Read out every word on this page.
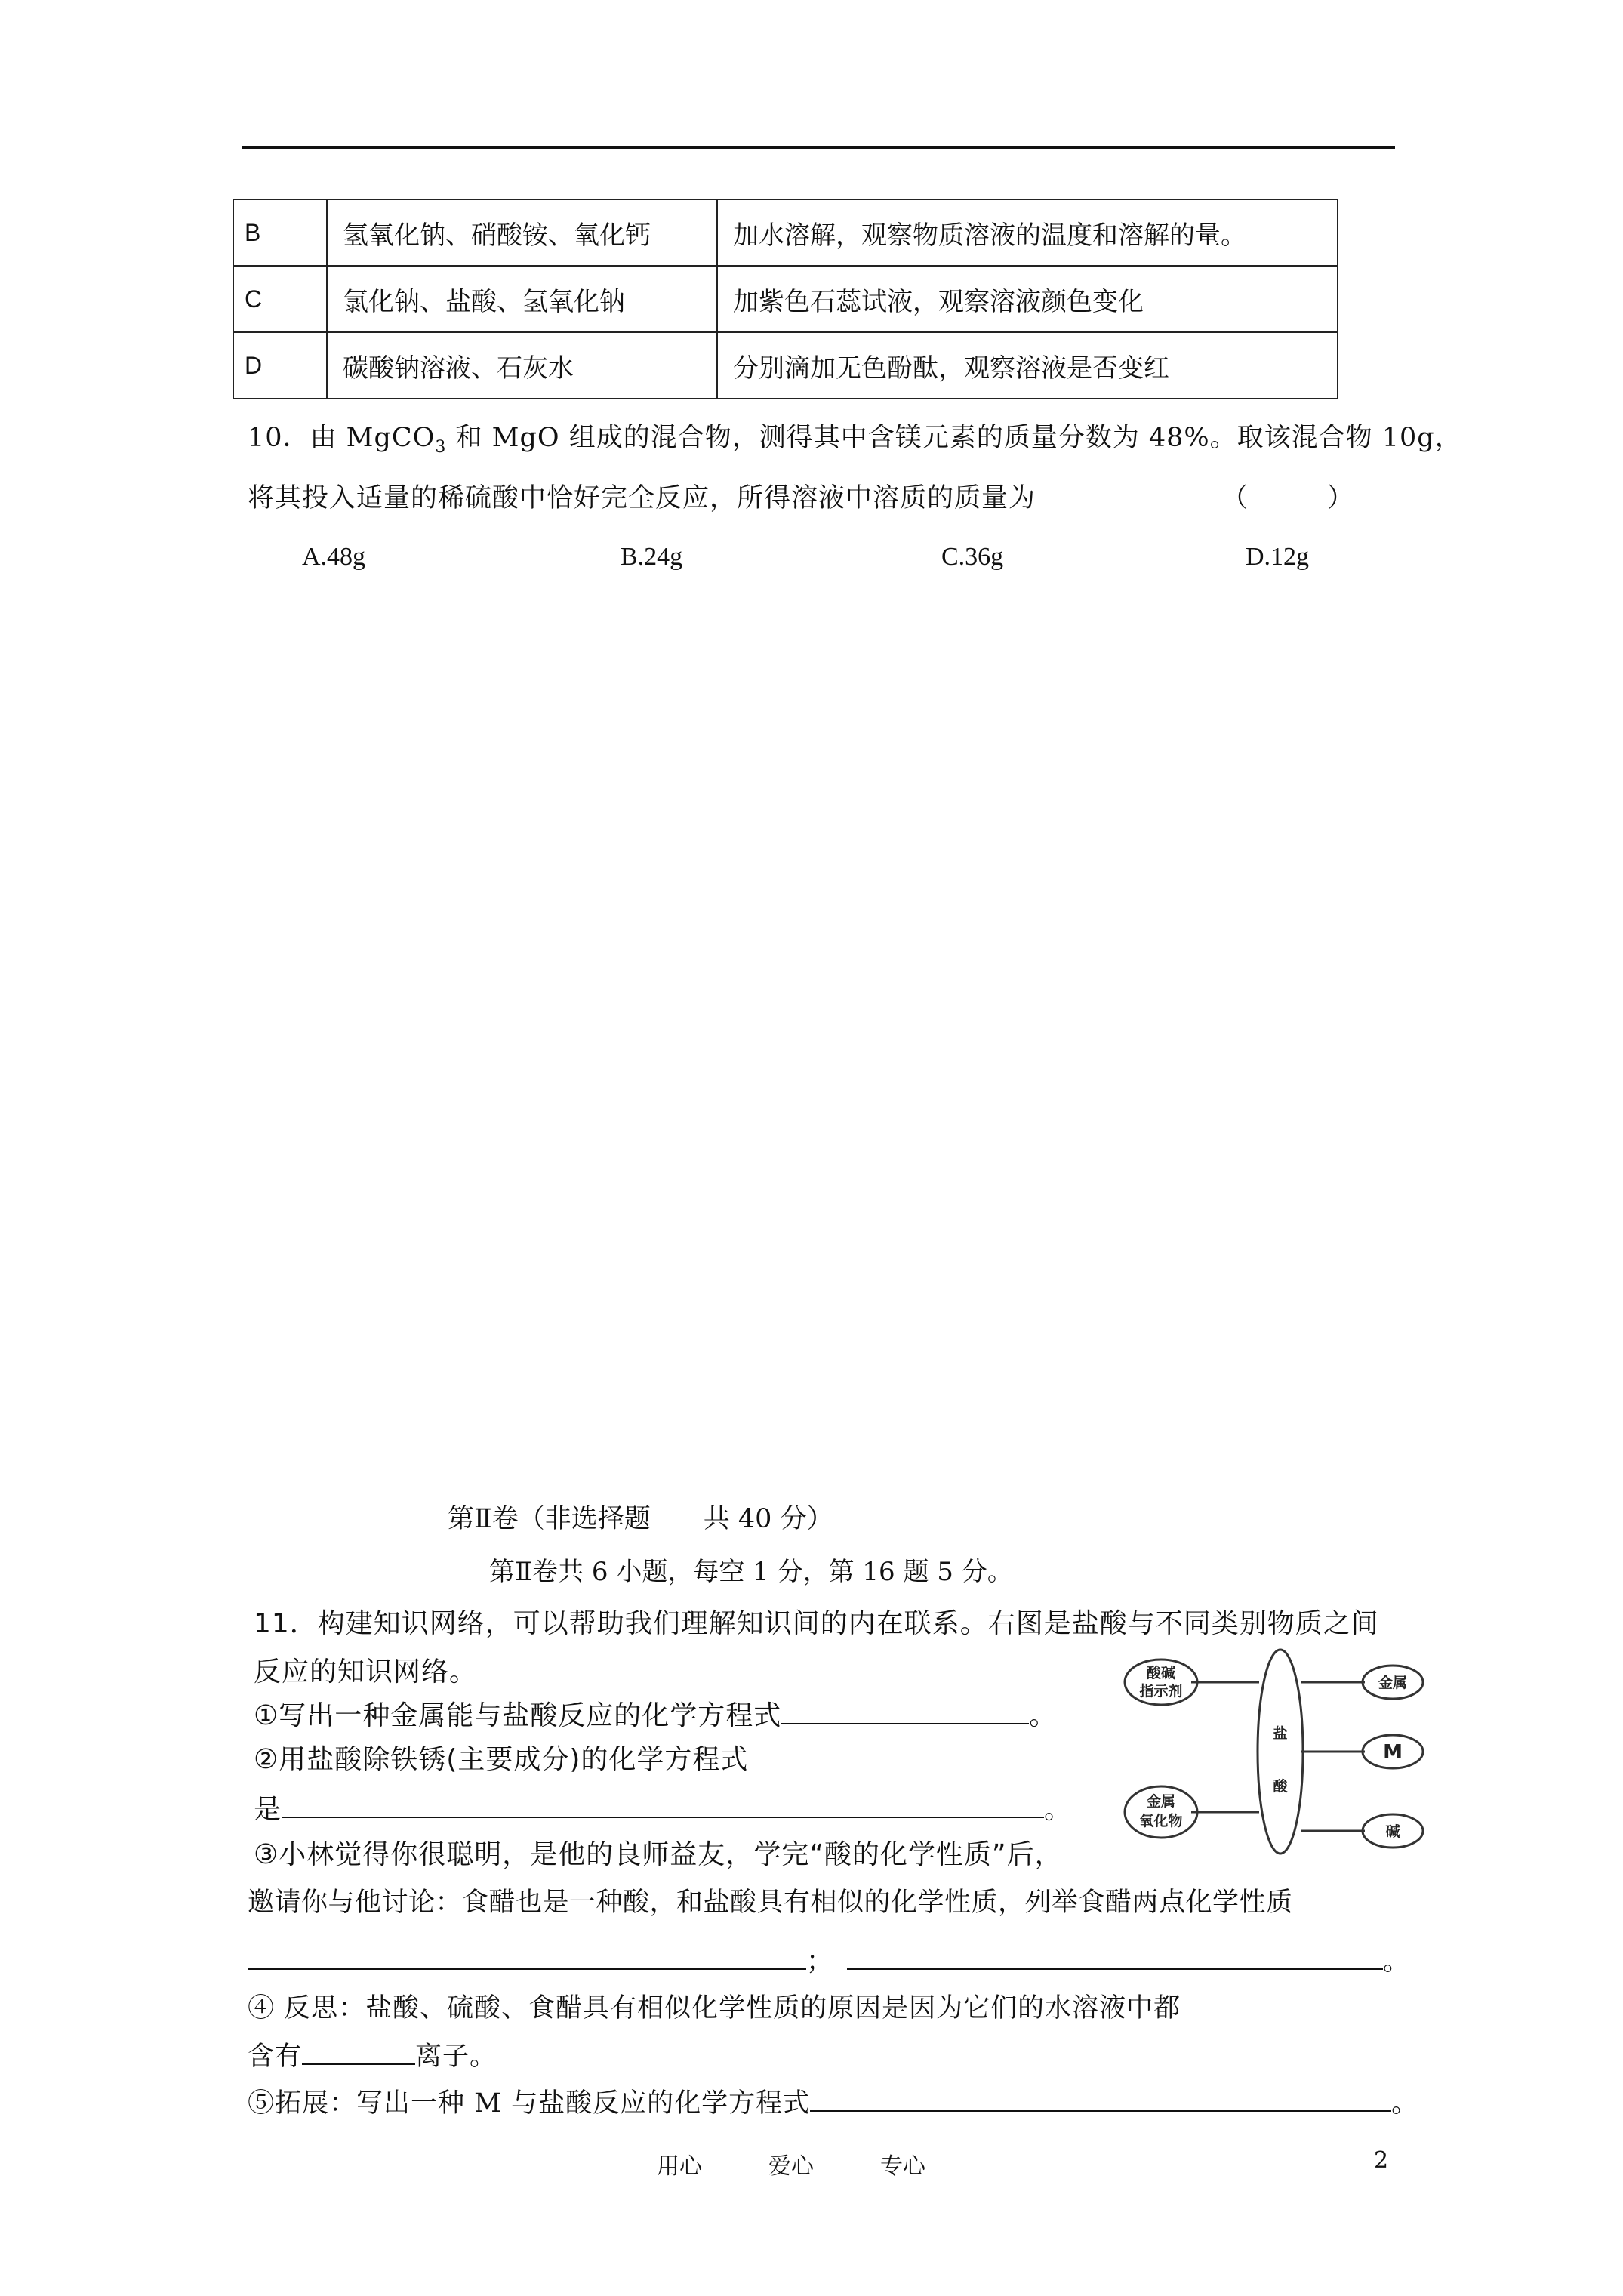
B	氢氧化钠、硝酸铵、氧化钙	加水溶解，观察物质溶液的温度和溶解的量。
C	氯化钠、盐酸、氢氧化钠	加紫色石蕊试液，观察溶液颜色变化
D	碳酸钠溶液、石灰水	分别滴加无色酚酞，观察溶液是否变红
10．由 MgCO$_3$ 和 MgO 组成的混合物，测得其中含镁元素的质量分数为 48%。取该混合物 10g，
将其投入适量的稀硫酸中恰好完全反应，所得溶液中溶质的质量为	（　　　）
A.48g	B.24g	C.36g	D.12g
第Ⅱ卷（非选择题　　共 40 分）
第Ⅱ卷共 6 小题，每空 1 分，第 16 题 5 分。
11．构建知识网络，可以帮助我们理解知识间的内在联系。右图是盐酸与不同类别物质之间
反应的知识网络。
①写出一种金属能与盐酸反应的化学方程式	。
②用盐酸除铁锈(主要成分)的化学方程式
是	。
③小林觉得你很聪明，是他的良师益友，学完“酸的化学性质”后，
邀请你与他讨论：食醋也是一种酸，和盐酸具有相似的化学性质，列举食醋两点化学性质
；	。
④ 反思：盐酸、硫酸、食醋具有相似化学性质的原因是因为它们的水溶液中都
含有	离子。
⑤拓展：写出一种 M 与盐酸反应的化学方程式	。
盐
酸
酸碱
指示剂
金属
氧化物
金属
M
碱
用心	爱心	专心	2
